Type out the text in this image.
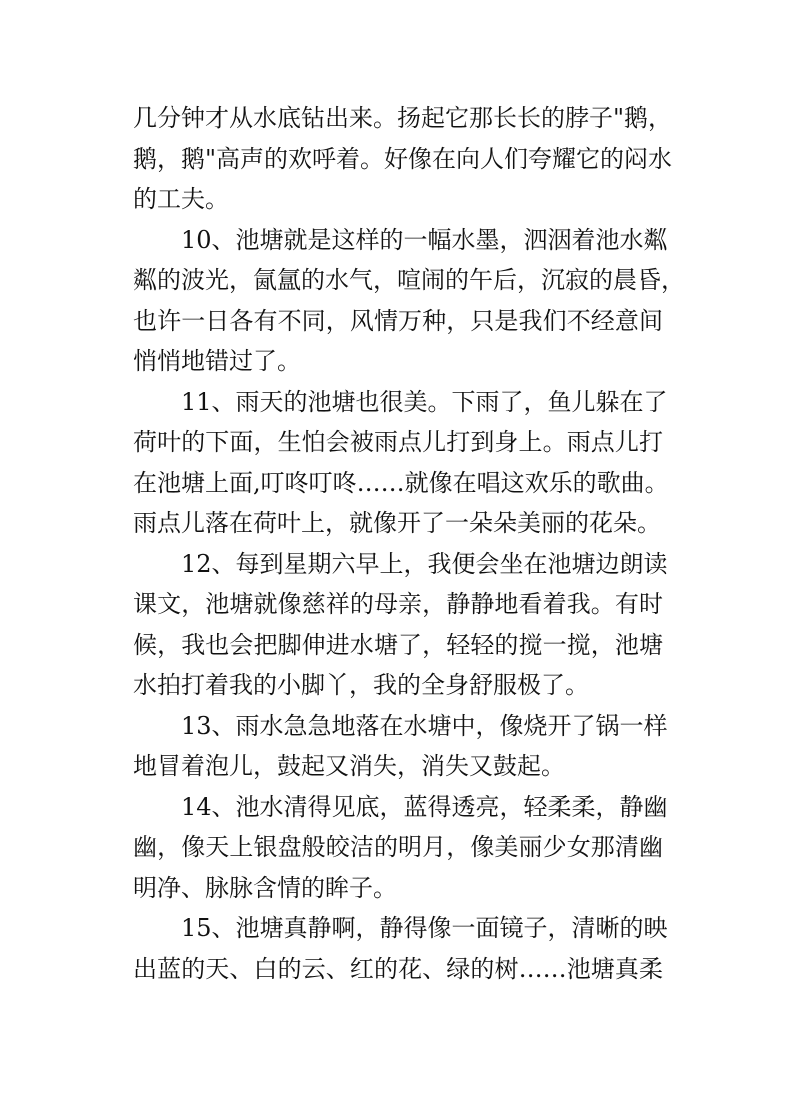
几分钟才从水底钻出来。扬起它那长长的脖子"鹅，
鹅，鹅"高声的欢呼着。好像在向人们夸耀它的闷水
的工夫。
10、池塘就是这样的一幅水墨，泗洇着池水粼
粼的波光，氤氲的水气，喧闹的午后，沉寂的晨昏，
也许一日各有不同，风情万种，只是我们不经意间
悄悄地错过了。
11、雨天的池塘也很美。下雨了，鱼儿躲在了
荷叶的下面，生怕会被雨点儿打到身上。雨点儿打
在池塘上面,叮咚叮咚……就像在唱这欢乐的歌曲。
雨点儿落在荷叶上，就像开了一朵朵美丽的花朵。
12、每到星期六早上，我便会坐在池塘边朗读
课文，池塘就像慈祥的母亲，静静地看着我。有时
候，我也会把脚伸进水塘了，轻轻的搅一搅，池塘
水拍打着我的小脚丫，我的全身舒服极了。
13、雨水急急地落在水塘中，像烧开了锅一样
地冒着泡儿，鼓起又消失，消失又鼓起。
14、池水清得见底，蓝得透亮，轻柔柔，静幽
幽，像天上银盘般皎洁的明月，像美丽少女那清幽
明净、脉脉含情的眸子。
15、池塘真静啊，静得像一面镜子，清晰的映
出蓝的天、白的云、红的花、绿的树……池塘真柔
